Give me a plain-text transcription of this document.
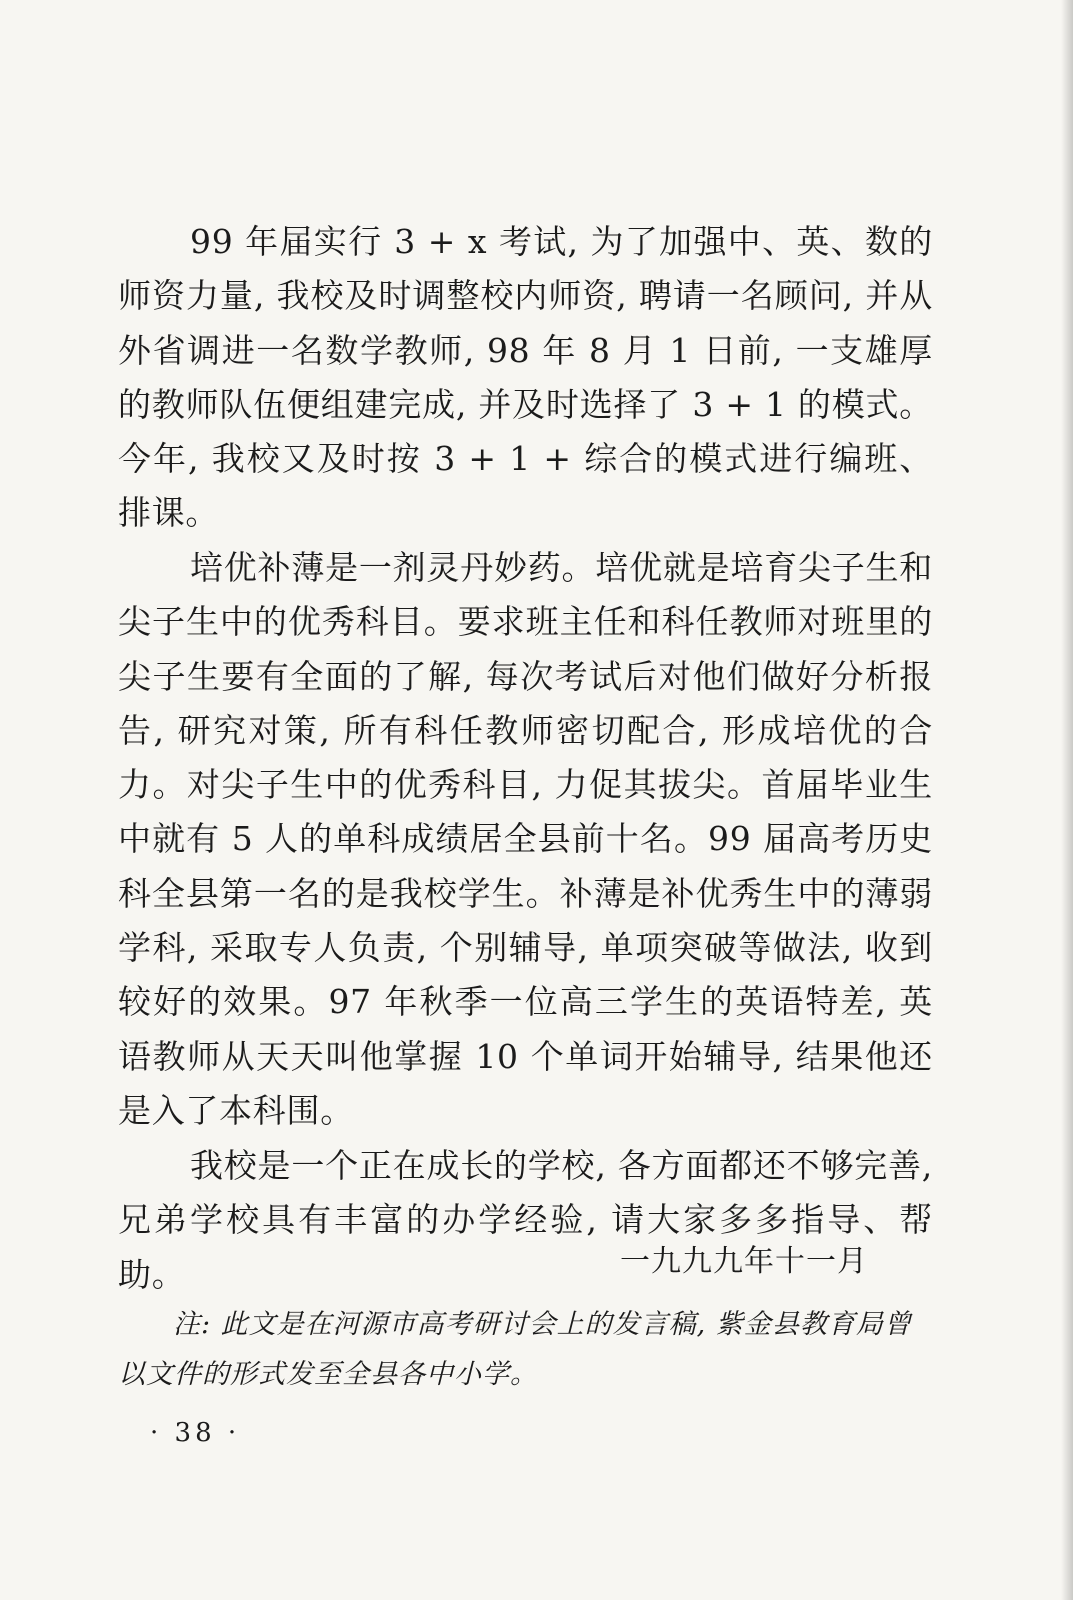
99 年届实行 3 + x 考试, 为了加强中、英、数的师资力量, 我校及时调整校内师资, 聘请一名顾问, 并从外省调进一名数学教师, 98 年 8 月 1 日前, 一支雄厚的教师队伍便组建完成, 并及时选择了 3 + 1 的模式。今年, 我校又及时按 3 + 1 + 综合的模式进行编班、排课。

培优补薄是一剂灵丹妙药。培优就是培育尖子生和尖子生中的优秀科目。要求班主任和科任教师对班里的尖子生要有全面的了解, 每次考试后对他们做好分析报告, 研究对策, 所有科任教师密切配合, 形成培优的合力。对尖子生中的优秀科目, 力促其拔尖。首届毕业生中就有 5 人的单科成绩居全县前十名。99 届高考历史科全县第一名的是我校学生。补薄是补优秀生中的薄弱学科, 采取专人负责, 个别辅导, 单项突破等做法, 收到较好的效果。97 年秋季一位高三学生的英语特差, 英语教师从天天叫他掌握 10 个单词开始辅导, 结果他还是入了本科围。

我校是一个正在成长的学校, 各方面都还不够完善, 兄弟学校具有丰富的办学经验, 请大家多多指导、帮助。	一九九九年十一月

注: 此文是在河源市高考研讨会上的发言稿, 紫金县教育局曾以文件的形式发至全县各中小学。

· 38 ·
